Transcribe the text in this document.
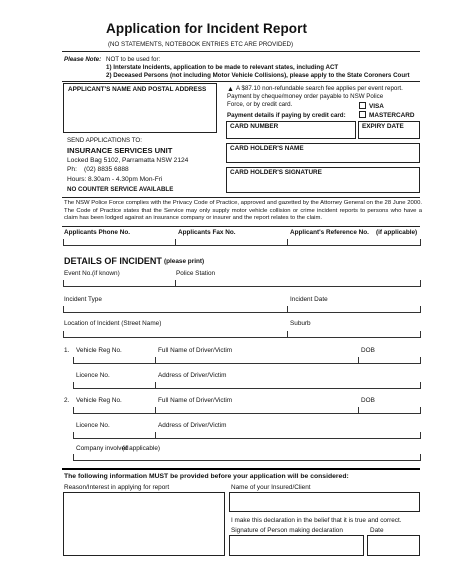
Application for Incident Report
(NO STATEMENTS, NOTEBOOK ENTRIES ETC ARE PROVIDED)
Please Note: NOT to be used for:
1) Interstate Incidents, application to be made to relevant states, including ACT
2) Deceased Persons (not including Motor Vehicle Collisions), please apply to the State Coroners Court
APPLICANT'S NAME AND POSTAL ADDRESS
SEND APPLICATIONS TO:
INSURANCE SERVICES UNIT
Locked Bag 5102, Parramatta NSW 2124
Ph: (02) 8835 6888
Hours: 8.30am - 4.30pm Mon-Fri
NO COUNTER SERVICE AVAILABLE
▲ A $87.10 non-refundable search fee applies per event report.
Payment by cheque/money order payable to NSW Police
Force, or by credit card.	VISA
Payment details if paying by credit card:	MASTERCARD
CARD NUMBER	EXPIRY DATE
CARD HOLDER'S NAME
CARD HOLDER'S SIGNATURE
The NSW Police Force complies with the Privacy Code of Practice, approved and gazetted by the Attorney General on the 28 June 2000. The Code of Practice states that the Service may only supply motor vehicle collision or crime incident reports to persons who have a claim has been lodged against an insurance company or insurer and the report relates to the claim.
Applicants Phone No.	Applicants Fax No.	Applicant's Reference No. (if applicable)
DETAILS OF INCIDENT (please print)
Event No. (if known)	Police Station
Incident Type	Incident Date
Location of Incident (Street Name)	Suburb
1. Vehicle Reg No.	Full Name of Driver/Victim	DOB
Licence No.	Address of Driver/Victim
2. Vehicle Reg No.	Full Name of Driver/Victim	DOB
Licence No.	Address of Driver/Victim
Company involved
(if applicable)
The following information MUST be provided before your application will be considered:
Reason/Interest in applying for report	Name of your Insured/Client
I make this declaration in the belief that it is true and correct.
Signature of Person making declaration	Date
